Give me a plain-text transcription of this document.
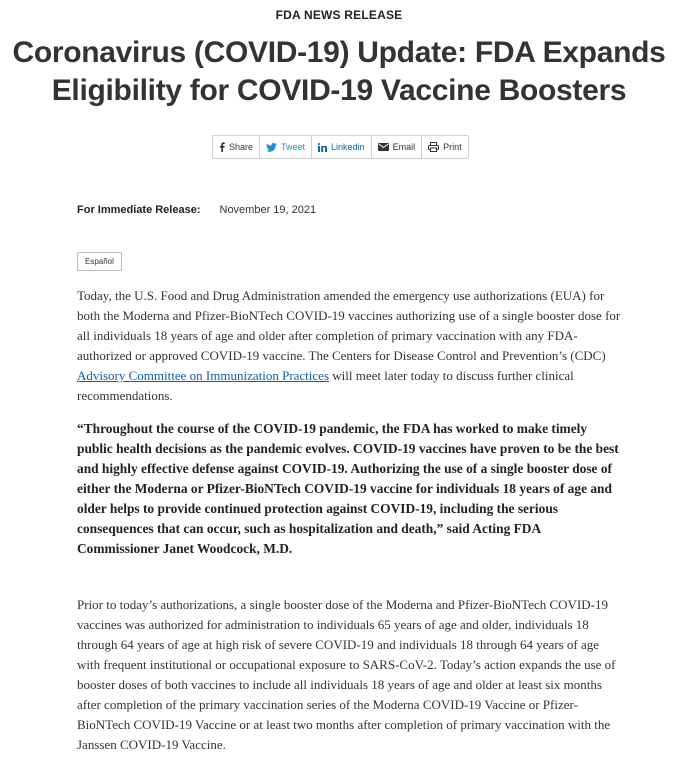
FDA NEWS RELEASE
Coronavirus (COVID-19) Update: FDA Expands Eligibility for COVID-19 Vaccine Boosters
Share	Tweet	Linkedin	Email	Print
For Immediate Release: November 19, 2021
Español

Today, the U.S. Food and Drug Administration amended the emergency use authorizations (EUA) for both the Moderna and Pfizer-BioNTech COVID-19 vaccines authorizing use of a single booster dose for all individuals 18 years of age and older after completion of primary vaccination with any FDA-authorized or approved COVID-19 vaccine. The Centers for Disease Control and Prevention’s (CDC) Advisory Committee on Immunization Practices will meet later today to discuss further clinical recommendations.

“Throughout the course of the COVID-19 pandemic, the FDA has worked to make timely public health decisions as the pandemic evolves. COVID-19 vaccines have proven to be the best and highly effective defense against COVID-19. Authorizing the use of a single booster dose of either the Moderna or Pfizer-BioNTech COVID-19 vaccine for individuals 18 years of age and older helps to provide continued protection against COVID-19, including the serious consequences that can occur, such as hospitalization and death,” said Acting FDA Commissioner Janet Woodcock, M.D.

Prior to today’s authorizations, a single booster dose of the Moderna and Pfizer-BioNTech COVID-19 vaccines was authorized for administration to individuals 65 years of age and older, individuals 18 through 64 years of age at high risk of severe COVID-19 and individuals 18 through 64 years of age with frequent institutional or occupational exposure to SARS-CoV-2. Today’s action expands the use of booster doses of both vaccines to include all individuals 18 years of age and older at least six months after completion of the primary vaccination series of the Moderna COVID-19 Vaccine or Pfizer-BioNTech COVID-19 Vaccine or at least two months after completion of primary vaccination with the Janssen COVID-19 Vaccine.
